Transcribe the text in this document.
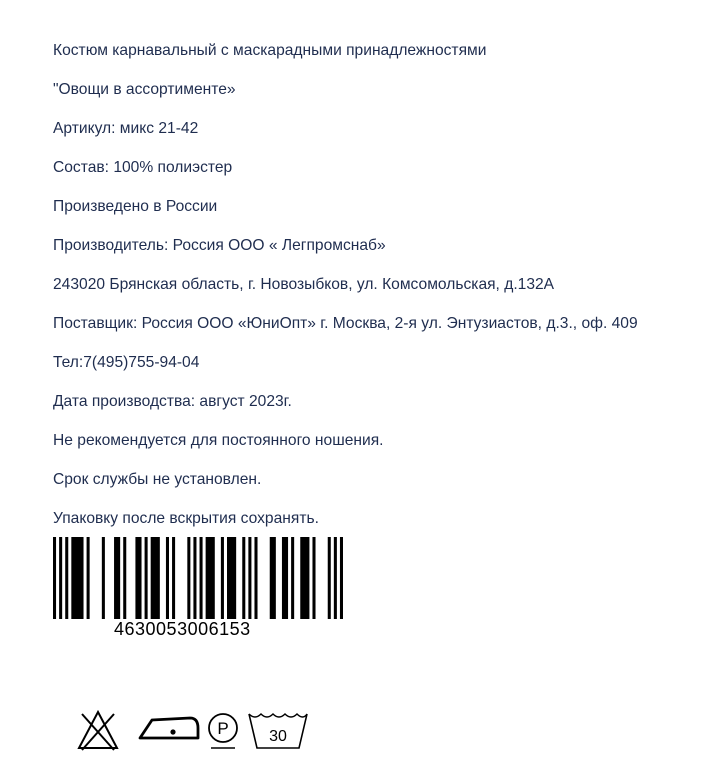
Костюм карнавальный с маскарадными принадлежностями
"Овощи в ассортименте»
Артикул: микс 21-42
Состав: 100% полиэстер
Произведено в России
Производитель: Россия ООО « Легпромснаб»
243020 Брянская область, г. Новозыбков, ул. Комсомольская, д.132А
Поставщик: Россия ООО «ЮниОпт» г. Москва, 2-я ул. Энтузиастов, д.3., оф. 409
Тел:7(495)755-94-04
Дата производства: август 2023г.
Не рекомендуется для постоянного ношения.
Срок службы не установлен.
Упаковку после вскрытия сохранять.
4630053006153
P	30
